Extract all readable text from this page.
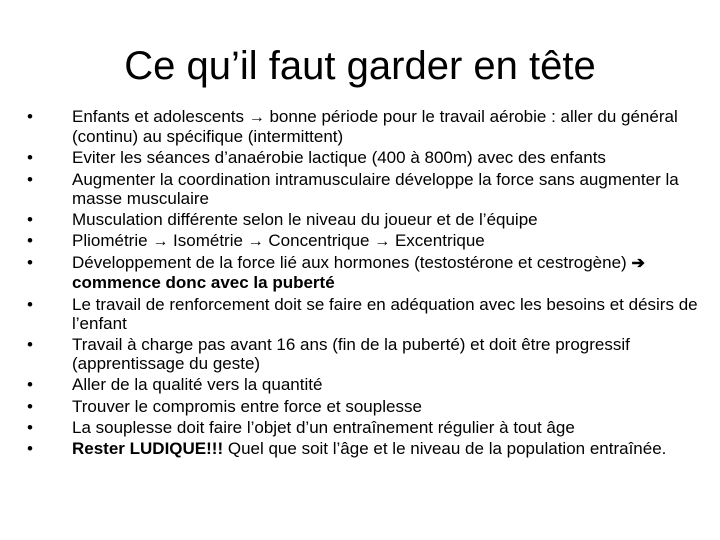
Ce qu’il faut garder en tête
•	Enfants et adolescents → bonne période pour le travail aérobie : aller du général (continu) au spécifique (intermittent)
•	Eviter les séances d’anaérobie lactique (400 à 800m) avec des enfants
•	Augmenter la coordination intramusculaire développe la force sans augmenter la masse musculaire
•	Musculation différente selon le niveau du joueur et de l’équipe
•	Pliométrie → Isométrie → Concentrique → Excentrique
•	Développement de la force lié aux hormones (testostérone et cestrogène) ➔ commence donc avec la puberté
•	Le travail de renforcement doit se faire en adéquation avec les besoins et désirs de l’enfant
•	Travail à charge pas avant 16 ans (fin de la puberté) et doit être progressif (apprentissage du geste)
•	Aller de la qualité vers la quantité
•	Trouver le compromis entre force et souplesse
•	La souplesse doit faire l’objet d’un entraînement régulier à tout âge
•	Rester LUDIQUE!!! Quel que soit l’âge et le niveau de la population entraînée.
